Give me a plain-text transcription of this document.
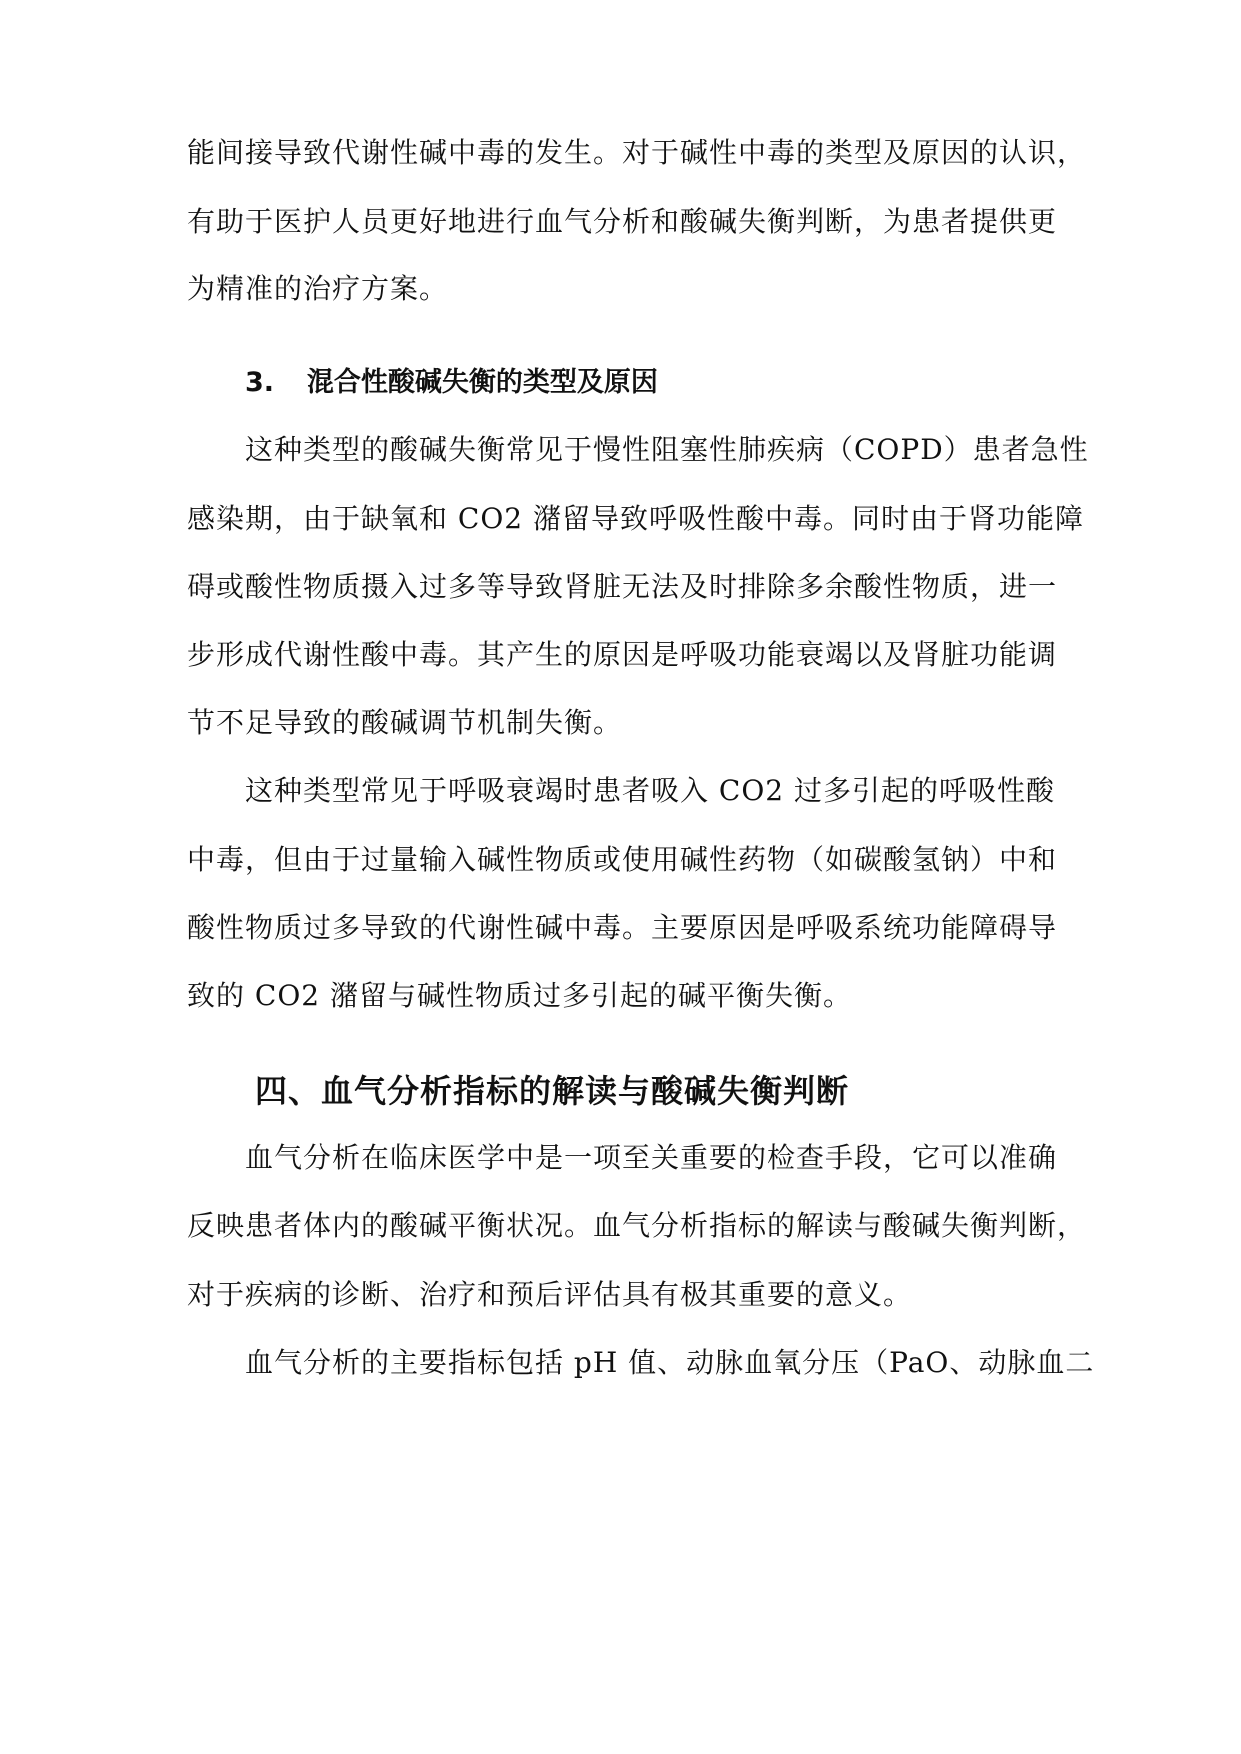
能间接导致代谢性碱中毒的发生。对于碱性中毒的类型及原因的认识，
有助于医护人员更好地进行血气分析和酸碱失衡判断，为患者提供更
为精准的治疗方案。
3. 混合性酸碱失衡的类型及原因
这种类型的酸碱失衡常见于慢性阻塞性肺疾病（COPD）患者急性
感染期，由于缺氧和 CO2 潴留导致呼吸性酸中毒。同时由于肾功能障
碍或酸性物质摄入过多等导致肾脏无法及时排除多余酸性物质，进一
步形成代谢性酸中毒。其产生的原因是呼吸功能衰竭以及肾脏功能调
节不足导致的酸碱调节机制失衡。
这种类型常见于呼吸衰竭时患者吸入 CO2 过多引起的呼吸性酸
中毒，但由于过量输入碱性物质或使用碱性药物（如碳酸氢钠）中和
酸性物质过多导致的代谢性碱中毒。主要原因是呼吸系统功能障碍导
致的 CO2 潴留与碱性物质过多引起的碱平衡失衡。
四、血气分析指标的解读与酸碱失衡判断
血气分析在临床医学中是一项至关重要的检查手段，它可以准确
反映患者体内的酸碱平衡状况。血气分析指标的解读与酸碱失衡判断，
对于疾病的诊断、治疗和预后评估具有极其重要的意义。
血气分析的主要指标包括 pH 值、动脉血氧分压（PaO、动脉血二
